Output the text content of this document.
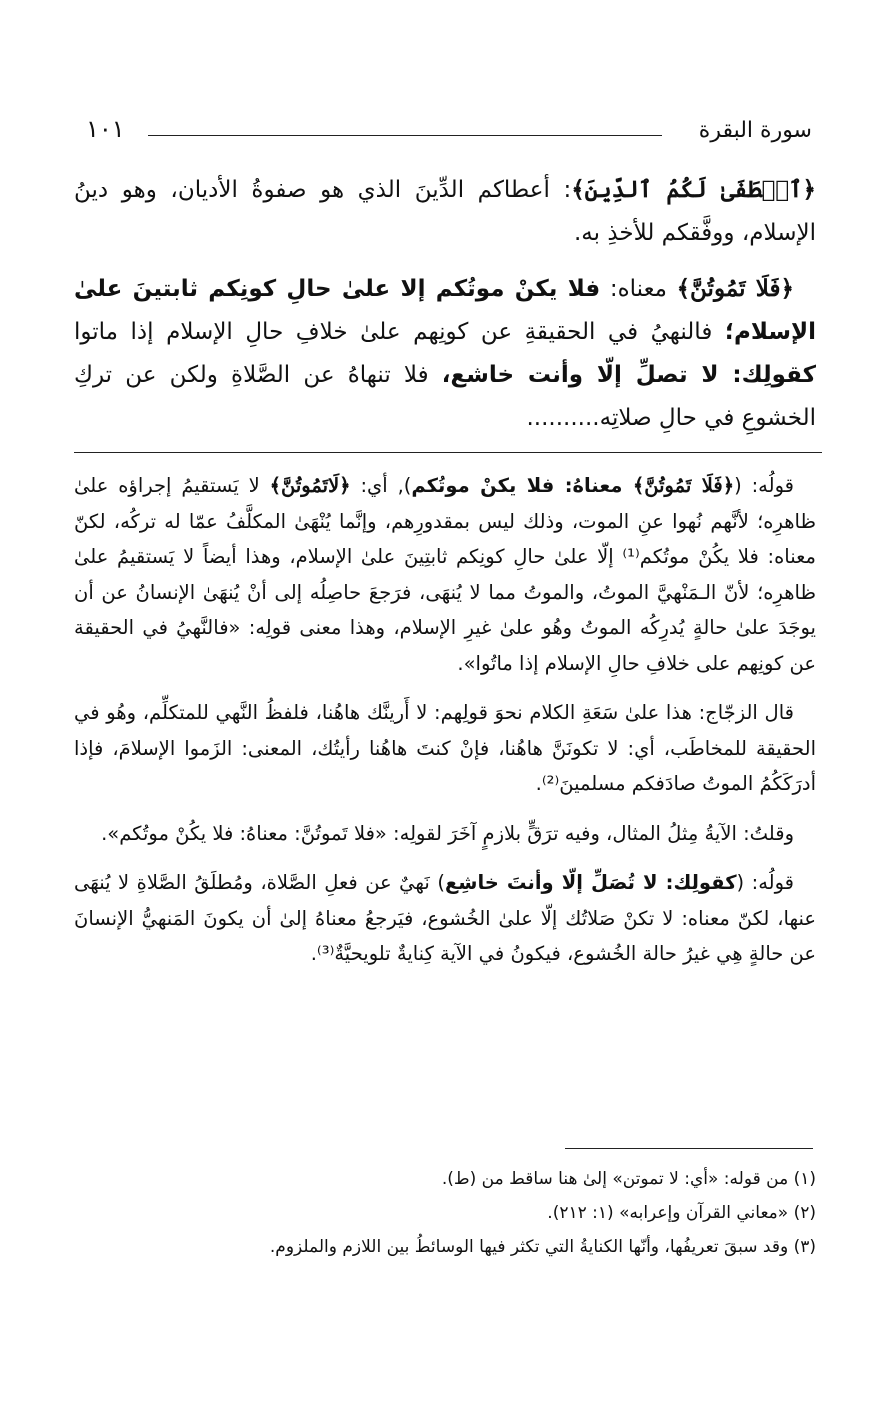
سورة البقرة
١٠١

﴿ٱصۡطَفَىٰ لَكُمُ ٱلدِّينَ﴾: أعطاكم الدِّينَ الذي هو صفوةُ الأديان، وهو دينُ الإسلام، ووفَّقكم للأخذِ به.

﴿فَلَا تَمُوتُنَّ﴾ معناه: فلا يكنْ موتُكم إلا علىٰ حالِ كونِكم ثابتينَ علىٰ الإسلام؛ فالنهيُ في الحقيقةِ عن كونِهم علىٰ خلافِ حالِ الإسلام إذا ماتوا كقولِك: لا تصلِّ إلّا وأنت خاشع، فلا تنهاهُ عن الصَّلاةِ ولكن عن تركِ الخشوعِ في حالِ صلاتِه..........

قولُه: (﴿فَلَا تَمُوتُنَّ﴾ معناهُ: فلا يكنْ موتُكم), أي: ﴿لَاتَمُوتُنَّ﴾ لا يَستقيمُ إجراؤه علىٰ ظاهرِه؛ لأنَّهم نُهوا عنِ الموت، وذلك ليس بمقدورِهم، وإنَّما يُنْهَىٰ المكلَّفُ عمّا له تركُه، لكنّ معناه: فلا يكُنْ موتُكم⁽¹⁾ إلّا علىٰ حالِ كونِكم ثابتِينَ علىٰ الإسلام، وهذا أيضاً لا يَستقيمُ علىٰ ظاهرِه؛ لأنّ الـمَنْهيَّ الموتُ، والموتُ مما لا يُنهَى، فرَجعَ حاصِلُه إلى أنْ يُنهَىٰ الإنسانُ عن أن يوجَدَ علىٰ حالةٍ يُدرِكُه الموتُ وهُو علىٰ غيرِ الإسلام، وهذا معنى قولِه: «فالنَّهيُ في الحقيقة عن كونِهم على خلافِ حالِ الإسلام إذا ماتُوا».

قال الزجّاج: هذا علىٰ سَعَةِ الكلام نحوَ قولِهم: لا أَرينَّك هاهُنا، فلفظُ النَّهي للمتكلِّم، وهُو في الحقيقة للمخاطَب، أي: لا تكونَنَّ هاهُنا، فإنْ كنتَ هاهُنا رأيتُك، المعنى: الزَموا الإسلامَ، فإذا أدرَكَكُمُ الموتُ صادَفكم مسلمينَ⁽²⁾.

وقلتُ: الآيةُ مِثلُ المثال، وفيه ترَقٍّ بلازمٍ آخَرَ لقولِه: «فلا تَموتُنَّ: معناهُ: فلا يكُنْ موتُكم».

قولُه: (كقولِك: لا تُصَلِّ إلّا وأنتَ خاشِع) نَهيٌ عن فعلِ الصَّلاة، ومُطلَقُ الصَّلاةِ لا يُنهَى عنها، لكنّ معناه: لا تكنْ صَلاتُك إلّا علىٰ الخُشوع، فيَرجعُ معناهُ إلىٰ أن يكونَ المَنهيُّ الإنسانَ عن حالةٍ هِي غيرُ حالة الخُشوع، فيكونُ في الآية كِنايةٌ تلويحيَّةٌ⁽³⁾.

(١) من قوله: «أي: لا تموتن» إلىٰ هنا ساقط من (ط).
(٢) «معاني القرآن وإعرابه» (١: ٢١٢).
(٣) وقد سبقَ تعريفُها، وأنّها الكنايةُ التي تكثر فيها الوسائطُ بين اللازم والملزوم.
